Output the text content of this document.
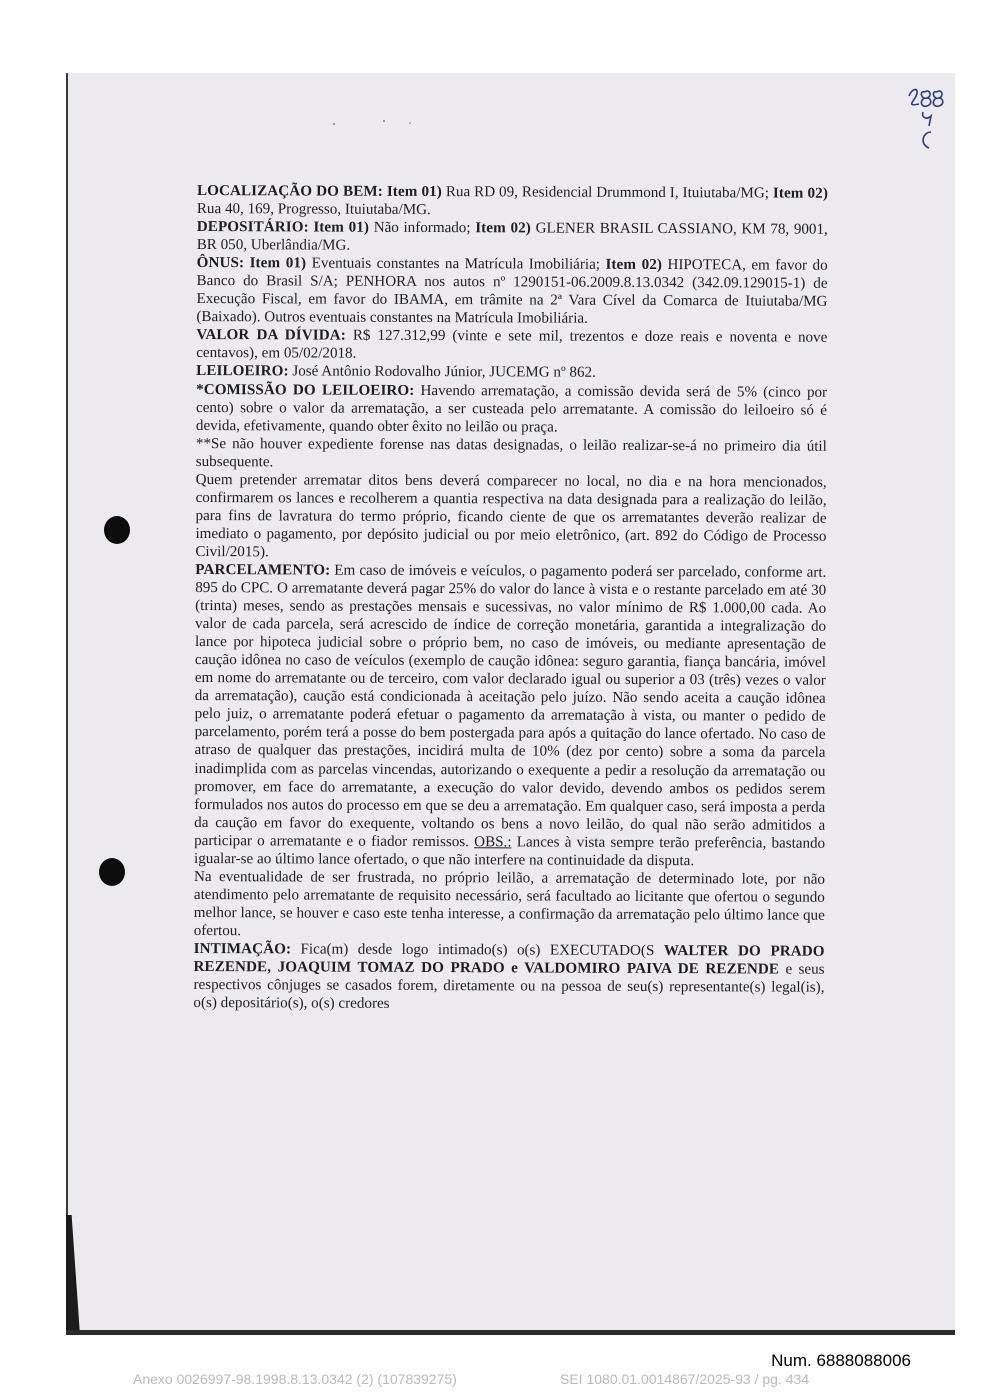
LOCALIZAÇÃO DO BEM: Item 01) Rua RD 09, Residencial Drummond I, Ituiutaba/MG; Item 02) Rua 40, 169, Progresso, Ituiutaba/MG.

DEPOSITÁRIO: Item 01) Não informado; Item 02) GLENER BRASIL CASSIANO, KM 78, 9001, BR 050, Uberlândia/MG.

ÔNUS: Item 01) Eventuais constantes na Matrícula Imobiliária; Item 02) HIPOTECA, em favor do Banco do Brasil S/A; PENHORA nos autos nº 1290151-06.2009.8.13.0342 (342.09.129015-1) de Execução Fiscal, em favor do IBAMA, em trâmite na 2ª Vara Cível da Comarca de Ituiutaba/MG (Baixado). Outros eventuais constantes na Matrícula Imobiliária.

VALOR DA DÍVIDA: R$ 127.312,99 (vinte e sete mil, trezentos e doze reais e noventa e nove centavos), em 05/02/2018.

LEILOEIRO: José Antônio Rodovalho Júnior, JUCEMG nº 862.

*COMISSÃO DO LEILOEIRO: Havendo arrematação, a comissão devida será de 5% (cinco por cento) sobre o valor da arrematação, a ser custeada pelo arrematante. A comissão do leiloeiro só é devida, efetivamente, quando obter êxito no leilão ou praça.

**Se não houver expediente forense nas datas designadas, o leilão realizar-se-á no primeiro dia útil subsequente.

Quem pretender arrematar ditos bens deverá comparecer no local, no dia e na hora mencionados, confirmarem os lances e recolherem a quantia respectiva na data designada para a realização do leilão, para fins de lavratura do termo próprio, ficando ciente de que os arrematantes deverão realizar de imediato o pagamento, por depósito judicial ou por meio eletrônico, (art. 892 do Código de Processo Civil/2015).

PARCELAMENTO: Em caso de imóveis e veículos, o pagamento poderá ser parcelado, conforme art. 895 do CPC. O arrematante deverá pagar 25% do valor do lance à vista e o restante parcelado em até 30 (trinta) meses, sendo as prestações mensais e sucessivas, no valor mínimo de R$ 1.000,00 cada. Ao valor de cada parcela, será acrescido de índice de correção monetária, garantida a integralização do lance por hipoteca judicial sobre o próprio bem, no caso de imóveis, ou mediante apresentação de caução idônea no caso de veículos (exemplo de caução idônea: seguro garantia, fiança bancária, imóvel em nome do arrematante ou de terceiro, com valor declarado igual ou superior a 03 (três) vezes o valor da arrematação), caução está condicionada à aceitação pelo juízo. Não sendo aceita a caução idônea pelo juiz, o arrematante poderá efetuar o pagamento da arrematação à vista, ou manter o pedido de parcelamento, porém terá a posse do bem postergada para após a quitação do lance ofertado. No caso de atraso de qualquer das prestações, incidirá multa de 10% (dez por cento) sobre a soma da parcela inadimplida com as parcelas vincendas, autorizando o exequente a pedir a resolução da arrematação ou promover, em face do arrematante, a execução do valor devido, devendo ambos os pedidos serem formulados nos autos do processo em que se deu a arrematação. Em qualquer caso, será imposta a perda da caução em favor do exequente, voltando os bens a novo leilão, do qual não serão admitidos a participar o arrematante e o fiador remissos. OBS.: Lances à vista sempre terão preferência, bastando igualar-se ao último lance ofertado, o que não interfere na continuidade da disputa.

Na eventualidade de ser frustrada, no próprio leilão, a arrematação de determinado lote, por não atendimento pelo arrematante de requisito necessário, será facultado ao licitante que ofertou o segundo melhor lance, se houver e caso este tenha interesse, a confirmação da arrematação pelo último lance que ofertou.

INTIMAÇÃO: Fica(m) desde logo intimado(s) o(s) EXECUTADO(S WALTER DO PRADO REZENDE, JOAQUIM TOMAZ DO PRADO e VALDOMIRO PAIVA DE REZENDE e seus respectivos cônjuges se casados forem, diretamente ou na pessoa de seu(s) representante(s) legal(is), o(s) depositário(s), o(s) credores

Num. 6888088006
Anexo 0026997-98.1998.8.13.0342 (2) (107839275)	SEI 1080.01.0014867/2025-93 / pg. 434
